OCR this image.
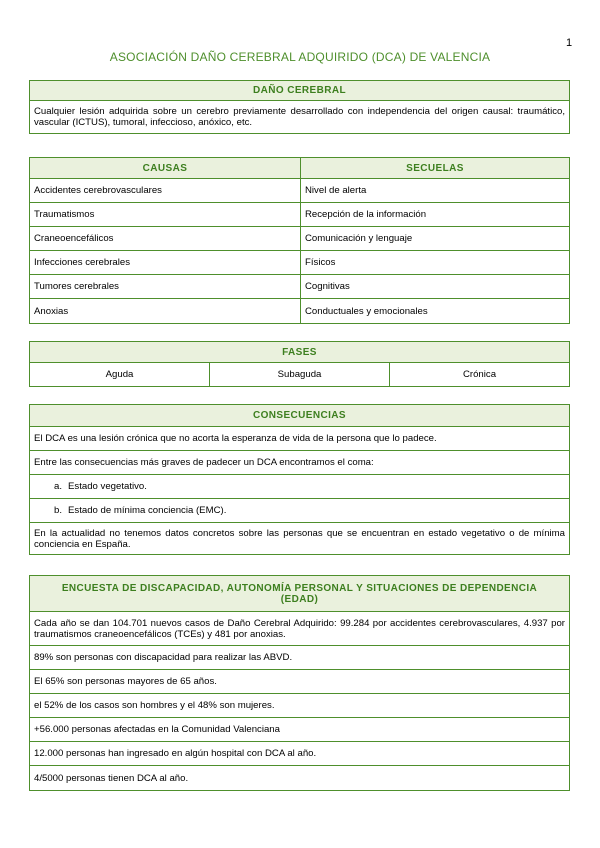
1
ASOCIACIÓN DAÑO CEREBRAL ADQUIRIDO (DCA) DE VALENCIA
DAÑO CEREBRAL
Cualquier lesión adquirida sobre un cerebro previamente desarrollado con independencia del origen causal: traumático, vascular (ICTUS), tumoral, infeccioso, anóxico, etc.
CAUSAS
Accidentes cerebrovasculares
Traumatismos
Craneoencefálicos
Infecciones cerebrales
Tumores cerebrales
Anoxias
SECUELAS
Nivel de alerta
Recepción de la información
Comunicación y lenguaje
Físicos
Cognitivas
Conductuales y emocionales
FASES
Aguda	Subaguda	Crónica
CONSECUENCIAS
El DCA es una lesión crónica que no acorta la esperanza de vida de la persona que lo padece.
Entre las consecuencias más graves de padecer un DCA encontramos el coma:
a. Estado vegetativo.
b. Estado de mínima conciencia (EMC).
En la actualidad no tenemos datos concretos sobre las personas que se encuentran en estado vegetativo o de mínima conciencia en España.
ENCUESTA DE DISCAPACIDAD, AUTONOMÍA PERSONAL Y SITUACIONES DE DEPENDENCIA (EDAD)
Cada año se dan 104.701 nuevos casos de Daño Cerebral Adquirido: 99.284 por accidentes cerebrovasculares, 4.937 por traumatismos craneoencefálicos (TCEs) y 481 por anoxias.
89% son personas con discapacidad para realizar las ABVD.
El 65% son personas mayores de 65 años.
el 52% de los casos son hombres y el 48% son mujeres.
+56.000 personas afectadas en la Comunidad Valenciana
12.000 personas han ingresado en algún hospital con DCA al año.
4/5000 personas tienen DCA al año.
